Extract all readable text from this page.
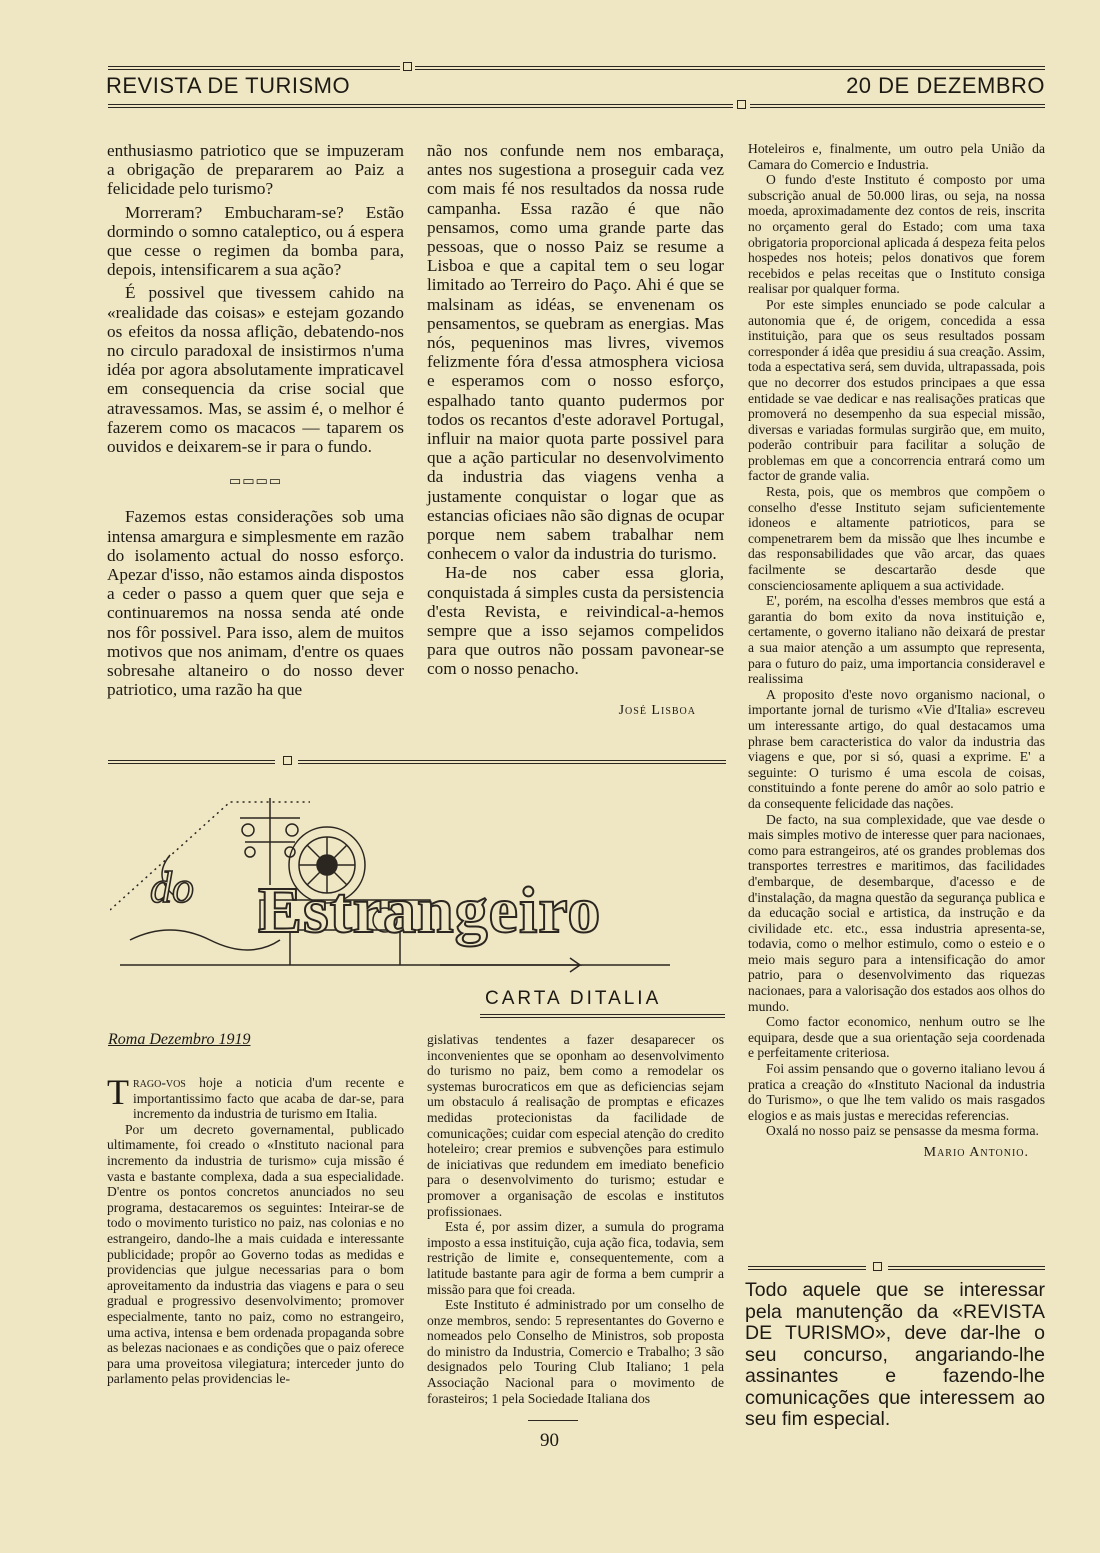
REVISTA DE TURISMO	20 DE DEZEMBRO

enthusiasmo patriotico que se impuzeram a obrigação de prepararem ao Paiz a felicidade pelo turismo?

Morreram? Embucharam-se? Estão dormindo o somno cataleptico, ou á espera que cesse o regimen da bomba para, depois, intensificarem a sua ação?

É possivel que tivessem cahido na «realidade das coisas» e estejam gozando os efeitos da nossa aflição, debatendo-nos no circulo paradoxal de insistirmos n'uma idéa por agora absolutamente impraticavel em consequencia da crise social que atravessamos. Mas, se assim é, o melhor é fazerem como os macacos — taparem os ouvidos e deixarem-se ir para o fundo.

▭▭▭▭

Fazemos estas considerações sob uma intensa amargura e simplesmente em razão do isolamento actual do nosso esforço. Apezar d'isso, não estamos ainda dispostos a ceder o passo a quem quer que seja e continuaremos na nossa senda até onde nos fôr possivel. Para isso, alem de muitos motivos que nos animam, d'entre os quaes sobresahe altaneiro o do nosso dever patriotico, uma razão ha que

não nos confunde nem nos embaraça, antes nos sugestiona a proseguir cada vez com mais fé nos resultados da nossa rude campanha. Essa razão é que não pensamos, como uma grande parte das pessoas, que o nosso Paiz se resume a Lisboa e que a capital tem o seu logar limitado ao Terreiro do Paço. Ahi é que se malsinam as idéas, se envenenam os pensamentos, se quebram as energias. Mas nós, pequeninos mas livres, vivemos felizmente fóra d'essa atmosphera viciosa e esperamos com o nosso esforço, espalhado tanto quanto pudermos por todos os recantos d'este adoravel Portugal, influir na maior quota parte possivel para que a ação particular no desenvolvimento da industria das viagens venha a justamente conquistar o logar que as estancias oficiaes não são dignas de ocupar porque nem sabem trabalhar nem conhecem o valor da industria do turismo.

Ha-de nos caber essa gloria, conquistada á simples custa da persistencia d'esta Revista, e reivindical-a-hemos sempre que a isso sejamos compelidos para que outros não possam pavonear-se com o nosso penacho.

José Lisboa

Hoteleiros e, finalmente, um outro pela União da Camara do Comercio e Industria.

O fundo d'este Instituto é composto por uma subscrição anual de 50.000 liras, ou seja, na nossa moeda, aproximadamente dez contos de reis, inscrita no orçamento geral do Estado; com uma taxa obrigatoria proporcional aplicada á despeza feita pelos hospedes nos hoteis; pelos donativos que forem recebidos e pelas receitas que o Instituto consiga realisar por qualquer forma.

Por este simples enunciado se pode calcular a autonomia que é, de origem, concedida a essa instituição, para que os seus resultados possam corresponder á idêa que presidiu á sua creação. Assim, toda a espectativa será, sem duvida, ultrapassada, pois que no decorrer dos estudos principaes a que essa entidade se vae dedicar e nas realisações praticas que promoverá no desempenho da sua especial missão, diversas e variadas formulas surgirão que, em muito, poderão contribuir para facilitar a solução de problemas em que a concorrencia entrará como um factor de grande valia.

Resta, pois, que os membros que compõem o conselho d'esse Instituto sejam suficientemente idoneos e altamente patrioticos, para se compenetrarem bem da missão que lhes incumbe e das responsabilidades que vão arcar, das quaes facilmente se descartarão desde que conscienciosamente apliquem a sua actividade.

E', porém, na escolha d'esses membros que está a garantia do bom exito da nova instituição e, certamente, o governo italiano não deixará de prestar a sua maior atenção a um assumpto que representa, para o futuro do paiz, uma importancia consideravel e realissima

A proposito d'este novo organismo nacional, o importante jornal de turismo «Vie d'Italia» escreveu um interessante artigo, do qual destacamos uma phrase bem caracteristica do valor da industria das viagens e que, por si só, quasi a exprime. E' a seguinte: O turismo é uma escola de coisas, constituindo a fonte perene do amôr ao solo patrio e da consequente felicidade das nações.

De facto, na sua complexidade, que vae desde o mais simples motivo de interesse quer para nacionaes, como para estrangeiros, até os grandes problemas dos transportes terrestres e maritimos, das facilidades d'embarque, de desembarque, d'acesso e de d'instalação, da magna questão da segurança publica e da educação social e artistica, da instrução e da civilidade etc. etc., essa industria apresenta-se, todavia, como o melhor estimulo, como o esteio e o meio mais seguro para a intensificação do amor patrio, para o desenvolvimento das riquezas nacionaes, para a valorisação dos estados aos olhos do mundo.

Como factor economico, nenhum outro se lhe equipara, desde que a sua orientação seja coordenada e perfeitamente criteriosa.

Foi assim pensando que o governo italiano levou á pratica a creação do «Instituto Nacional da industria do Turismo», o que lhe tem valido os mais rasgados elogios e as mais justas e merecidas referencias.

Oxalá no nosso paiz se pensasse da mesma forma.

Mario Antonio.

do Estrangeiro
CARTA DITALIA
Roma Dezembro 1919

Trago-vos hoje a noticia d'um recente e importantissimo facto que acaba de dar-se, para incremento da industria de turismo em Italia.

Por um decreto governamental, publicado ultimamente, foi creado o «Instituto nacional para incremento da industria de turismo» cuja missão é vasta e bastante complexa, dada a sua especialidade. D'entre os pontos concretos anunciados no seu programa, destacaremos os seguintes: Inteirar-se de todo o movimento turistico no paiz, nas colonias e no estrangeiro, dando-lhe a mais cuidada e interessante publicidade; propôr ao Governo todas as medidas e providencias que julgue necessarias para o bom aproveitamento da industria das viagens e para o seu gradual e progressivo desenvolvimento; promover especialmente, tanto no paiz, como no estrangeiro, uma activa, intensa e bem ordenada propaganda sobre as belezas nacionaes e as condições que o paiz oferece para uma proveitosa vilegiatura; interceder junto do parlamento pelas providencias le-

gislativas tendentes a fazer desaparecer os inconvenientes que se oponham ao desenvolvimento do turismo no paiz, bem como a remodelar os systemas burocraticos em que as deficiencias sejam um obstaculo á realisação de promptas e eficazes medidas protecionistas da facilidade de comunicações; cuidar com especial atenção do credito hoteleiro; crear premios e subvenções para estimulo de iniciativas que redundem em imediato beneficio para o desenvolvimento do turismo; estudar e promover a organisação de escolas e institutos profissionaes.

Esta é, por assim dizer, a sumula do programa imposto a essa instituição, cuja ação fica, todavia, sem restrição de limite e, consequentemente, com a latitude bastante para agir de forma a bem cumprir a missão para que foi creada.

Este Instituto é administrado por um conselho de onze membros, sendo: 5 representantes do Governo e nomeados pelo Conselho de Ministros, sob proposta do ministro da Industria, Comercio e Trabalho; 3 são designados pelo Touring Club Italiano; 1 pela Associação Nacional para o movimento de forasteiros; 1 pela Sociedade Italiana dos

Todo aquele que se interessar pela manutenção da «REVISTA DE TURISMO», deve dar-lhe o seu concurso, angariando-lhe assinantes e fazendo-lhe comunicações que interessem ao seu fim especial.
90
